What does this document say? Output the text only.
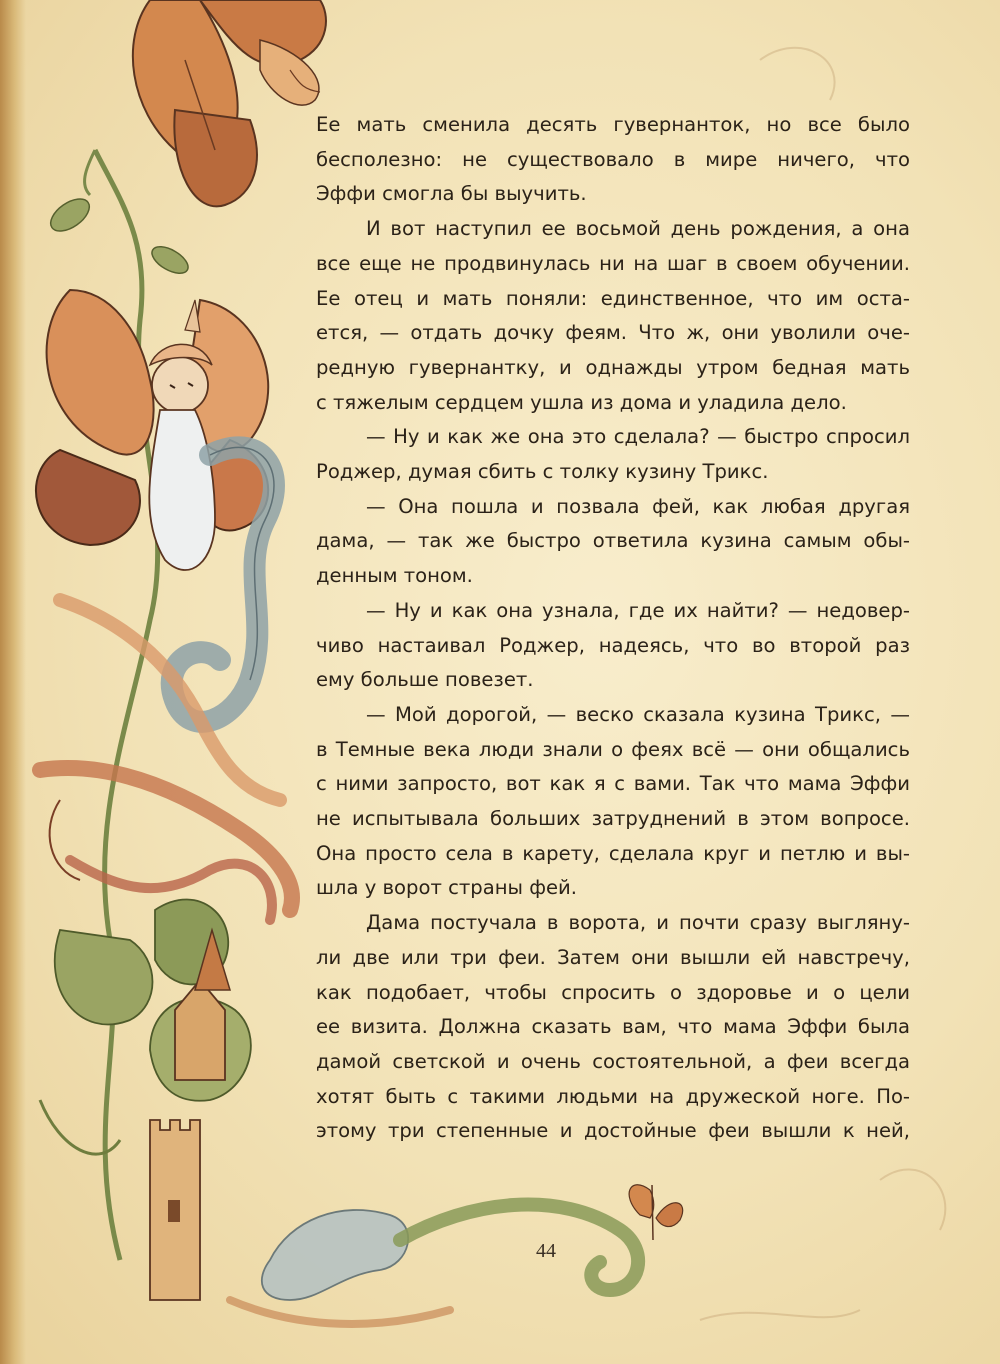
Ее мать сменила десять гувернанток, но все было
бесполезно: не существовало в мире ничего, что
Эффи смогла бы выучить.
И вот наступил ее восьмой день рождения, а она
все еще не продвинулась ни на шаг в своем обучении.
Ее отец и мать поняли: единственное, что им оста-
ется, — отдать дочку феям. Что ж, они уволили оче-
редную гувернантку, и однажды утром бедная мать
с тяжелым сердцем ушла из дома и уладила дело.
— Ну и как же она это сделала? — быстро спросил
Роджер, думая сбить с толку кузину Трикс.
— Она пошла и позвала фей, как любая другая
дама, — так же быстро ответила кузина самым обы-
денным тоном.
— Ну и как она узнала, где их найти? — недовер-
чиво настаивал Роджер, надеясь, что во второй раз
ему больше повезет.
— Мой дорогой, — веско сказала кузина Трикс, —
в Темные века люди знали о феях всё — они общались
с ними запросто, вот как я с вами. Так что мама Эффи
не испытывала больших затруднений в этом вопросе.
Она просто села в карету, сделала круг и петлю и вы-
шла у ворот страны фей.
Дама постучала в ворота, и почти сразу выгляну-
ли две или три феи. Затем они вышли ей навстречу,
как подобает, чтобы спросить о здоровье и о цели
ее визита. Должна сказать вам, что мама Эффи была
дамой светской и очень состоятельной, а феи всегда
хотят быть с такими людьми на дружеской ноге. По-
этому три степенные и достойные феи вышли к ней,
44
